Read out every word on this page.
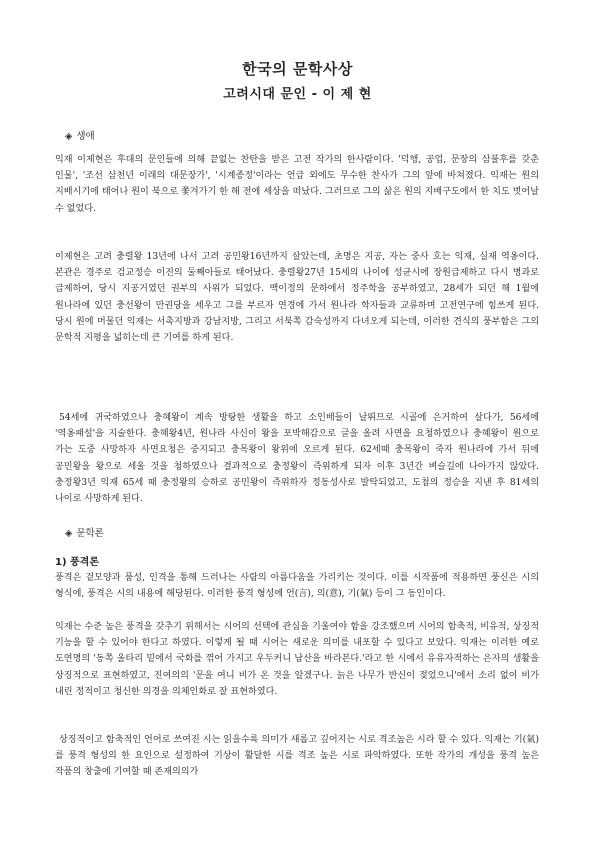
한국의 문학사상
고려시대 문인 - 이 제 현
◈ 생애

익재 이제현은 후대의 문인들에 의해 끝없는 찬탄을 받은 고전 작가의 한사람이다. '덕행, 공업, 문장의 삼불후를 갖춘 인물', '조선 삼천년 이래의 대문장가', '시계종정'이라는 언급 외에도 무수한 찬사가 그의 앞에 바쳐졌다. 익재는 원의 지배시기에 태어나 원이 북으로 쫓겨가기 한 해 전에 세상을 떠났다. 그러므로 그의 삶은 원의 지배구도에서 한 치도 벗어날 수 없었다.

이제현은 고려 충렬왕 13년에 나서 고려 공민왕16년까지 살았는데, 초명은 지공, 자는 중사 호는 익재, 실재 역옹이다. 본관은 경주로 검교정승 이진의 둘째아들로 태어났다. 충렬왕27년 15세의 나이에 성균시에 장원급제하고 다시 병과로 급제하여, 당시 지공거였던 권부의 사위가 되었다. 백이정의 문하에서 정주학을 공부하였고, 28세가 되던 해 1월에 원나라에 있던 충선왕이 만권당을 세우고 그를 부르자 연경에 가서 원나라 학자들과 교류하며 고전연구에 힘쓰게 된다. 당시 원에 머물던 익재는 서촉지방과 강남지방, 그리고 서북쪽 감숙성까지 다녀오게 되는데, 이러한 견식의 풍부함은 그의 문학적 지평을 넓히는데 큰 기여를 하게 된다.

54세에 귀국하였으나 충혜왕이 계속 방탕한 생활을 하고 소인배들이 날뛰므로 시골에 은거하여 살다가, 56세에 '역옹패설'을 지술한다. 충혜왕4년, 원나라 사신이 왕을 포박해감으로 글을 올려 사면을 요청하였으나 충혜왕이 원으로 가는 도중 사망하자 사면요청은 중지되고 충목왕이 왕위에 오르게 된다. 62세때 충목왕이 죽자 원나라에 가서 뒤에 공민왕을 왕으로 세울 것을 청하였으나 결과적으로 충정왕이 즉위하게 되자 이후 3년간 벼슬길에 나아가지 않았다. 충정왕3년 익재 65세 때 충정왕의 승하로 공민왕이 즉위하자 정동성사로 발탁되었고, 도첨의 정승을 지낸 후 81세의 나이로 사망하게 된다.

◈ 문학론
1) 풍격론

풍격은 겉모양과 품성, 인격을 통해 드러나는 사람의 아름다움을 가리키는 것이다. 이를 시작품에 적용하면 풍신은 시의 형식에, 풍격은 시의 내용에 해당된다. 이러한 풍격 형성에 언(言), 의(意), 기(氣) 등이 그 동인이다.

익재는 수준 높은 풍격을 갖추기 위해서는 시어의 선택에 관심을 기울여야 함을 강조했으며 시어의 함축적, 비유적, 상징적 기능을 할 수 있어야 한다고 하였다. 이렇게 될 때 시어는 새로운 의미를 내포할 수 있다고 보았다. 익재는 이러한 예로 도연명의 '동쪽 울타리 밑에서 국화를 꺾어 가지고 우두커니 남산을 바라본다.'라고 한 시에서 유유자적하는 은자의 생활을 상징적으로 표현하였고, 진여의의 '문을 여니 비가 온 것을 알겠구나. 늙은 나무가 반신이 젖었으니'에서 소리 없이 비가 내린 정적이고 청신한 의경을 의체인화로 잘 표현하였다.

상징적이고 함축적인 언어로 쓰여진 시는 읽을수록 의미가 새롭고 깊어지는 시로 격조높은 시라 할 수 있다. 익재는 기(氣)를 풍격 형성의 한 요인으로 설정하여 기상이 활달한 시를 격조 높은 시로 파악하였다. 또한 작가의 개성을 풍격 높은 작품의 창출에 기여할 때 존재의의가
